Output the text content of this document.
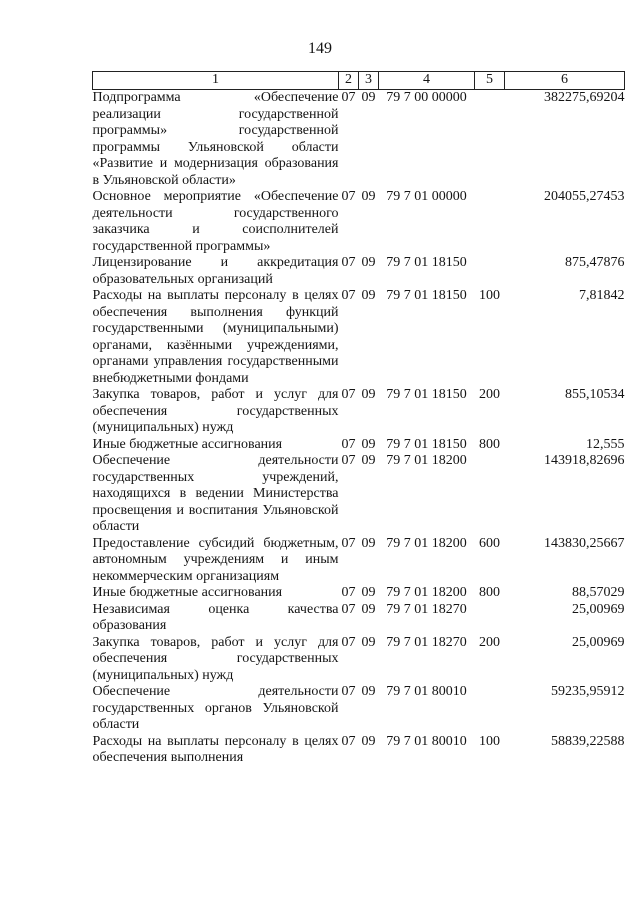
149
1	2	3	4	5	6
Подпрограмма «Обеспечение реализации государственной программы» государственной программы Ульяновской области «Развитие и модернизация образования в Ульяновской области»	07	09	79 7 00 00000		382275,69204
Основное мероприятие «Обеспечение деятельности государственного заказчика и соисполнителей государственной программы»	07	09	79 7 01 00000		204055,27453
Лицензирование и аккредитация образовательных организаций	07	09	79 7 01 18150		875,47876
Расходы на выплаты персоналу в целях обеспечения выполнения функций государственными (муниципальными) органами, казёнными учреждениями, органами управления государственными внебюджетными фондами	07	09	79 7 01 18150	100	7,81842
Закупка товаров, работ и услуг для обеспечения государственных (муниципальных) нужд	07	09	79 7 01 18150	200	855,10534
Иные бюджетные ассигнования	07	09	79 7 01 18150	800	12,555
Обеспечение деятельности государственных учреждений, находящихся в ведении Министерства просвещения и воспитания Ульяновской области	07	09	79 7 01 18200		143918,82696
Предоставление субсидий бюджетным, автономным учреждениям и иным некоммерческим организациям	07	09	79 7 01 18200	600	143830,25667
Иные бюджетные ассигнования	07	09	79 7 01 18200	800	88,57029
Независимая оценка качества образования	07	09	79 7 01 18270		25,00969
Закупка товаров, работ и услуг для обеспечения государственных (муниципальных) нужд	07	09	79 7 01 18270	200	25,00969
Обеспечение деятельности государственных органов Ульяновской области	07	09	79 7 01 80010		59235,95912
Расходы на выплаты персоналу в целях обеспечения выполнения	07	09	79 7 01 80010	100	58839,22588
